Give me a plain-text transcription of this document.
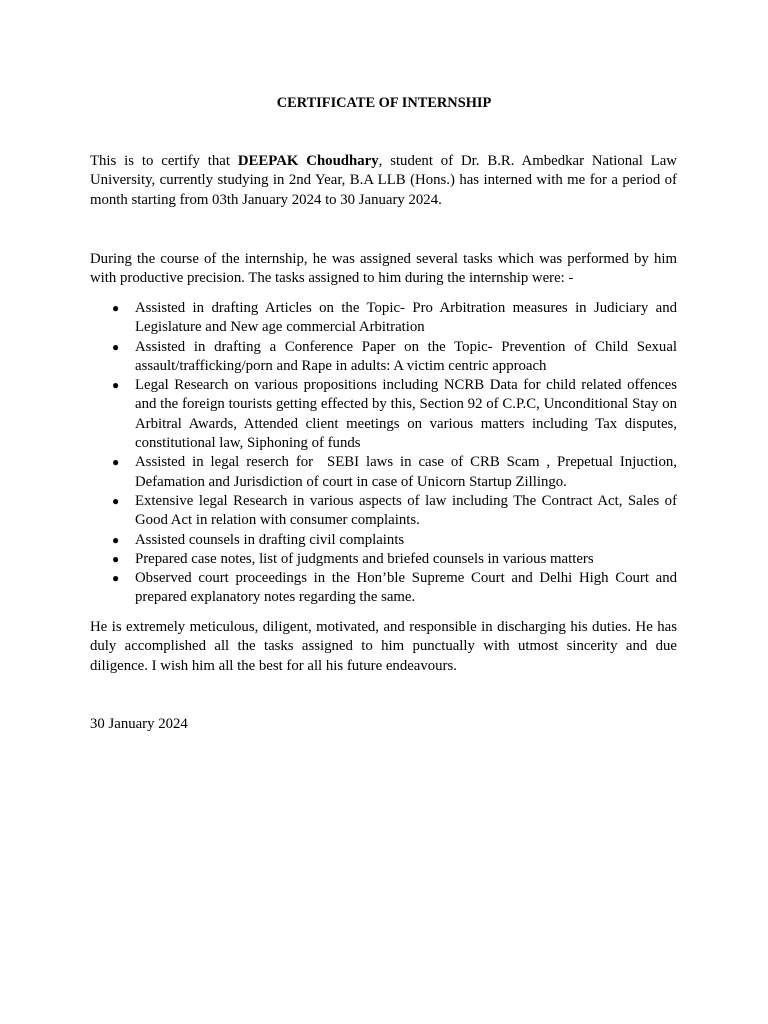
CERTIFICATE OF INTERNSHIP

This is to certify that DEEPAK Choudhary, student of Dr. B.R. Ambedkar National Law University, currently studying in 2nd Year, B.A LLB (Hons.) has interned with me for a period of month starting from 03th January 2024 to 30 January 2024.

During the course of the internship, he was assigned several tasks which was performed by him with productive precision. The tasks assigned to him during the internship were: -

● Assisted in drafting Articles on the Topic- Pro Arbitration measures in Judiciary and Legislature and New age commercial Arbitration
● Assisted in drafting a Conference Paper on the Topic- Prevention of Child Sexual assault/trafficking/porn and Rape in adults: A victim centric approach
● Legal Research on various propositions including NCRB Data for child related offences and the foreign tourists getting effected by this, Section 92 of C.P.C, Unconditional Stay on Arbitral Awards, Attended client meetings on various matters including Tax disputes, constitutional law, Siphoning of funds
● Assisted in legal reserch for  SEBI laws in case of CRB Scam , Prepetual Injuction, Defamation and Jurisdiction of court in case of Unicorn Startup Zillingo.
● Extensive legal Research in various aspects of law including The Contract Act, Sales of Good Act in relation with consumer complaints.
● Assisted counsels in drafting civil complaints
● Prepared case notes, list of judgments and briefed counsels in various matters
● Observed court proceedings in the Hon’ble Supreme Court and Delhi High Court and prepared explanatory notes regarding the same.

He is extremely meticulous, diligent, motivated, and responsible in discharging his duties. He has duly accomplished all the tasks assigned to him punctually with utmost sincerity and due diligence. I wish him all the best for all his future endeavours.

30 January 2024
